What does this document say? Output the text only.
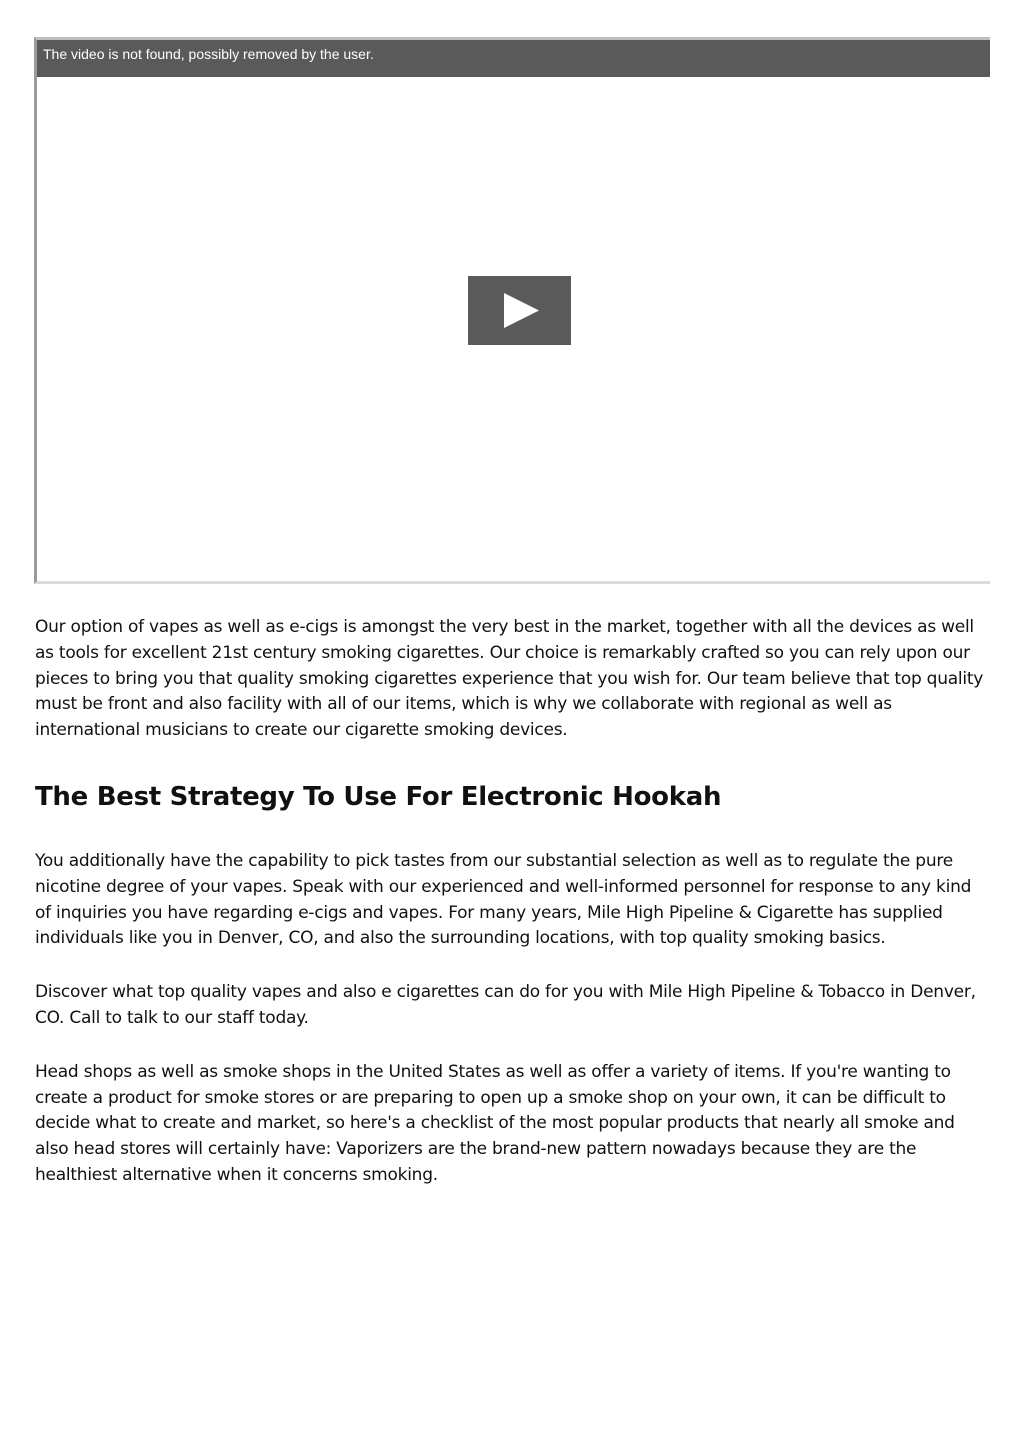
The video is not found, possibly removed by the user.

Our option of vapes as well as e-cigs is amongst the very best in the market, together with all the devices as well as tools for excellent 21st century smoking cigarettes. Our choice is remarkably crafted so you can rely upon our pieces to bring you that quality smoking cigarettes experience that you wish for. Our team believe that top quality must be front and also facility with all of our items, which is why we collaborate with regional as well as international musicians to create our cigarette smoking devices.

The Best Strategy To Use For Electronic Hookah

You additionally have the capability to pick tastes from our substantial selection as well as to regulate the pure nicotine degree of your vapes. Speak with our experienced and well-informed personnel for response to any kind of inquiries you have regarding e-cigs and vapes. For many years, Mile High Pipeline & Cigarette has supplied individuals like you in Denver, CO, and also the surrounding locations, with top quality smoking basics.

Discover what top quality vapes and also e cigarettes can do for you with Mile High Pipeline & Tobacco in Denver, CO. Call to talk to our staff today.

Head shops as well as smoke shops in the United States as well as offer a variety of items. If you're wanting to create a product for smoke stores or are preparing to open up a smoke shop on your own, it can be difficult to decide what to create and market, so here's a checklist of the most popular products that nearly all smoke and also head stores will certainly have: Vaporizers are the brand-new pattern nowadays because they are the healthiest alternative when it concerns smoking.
